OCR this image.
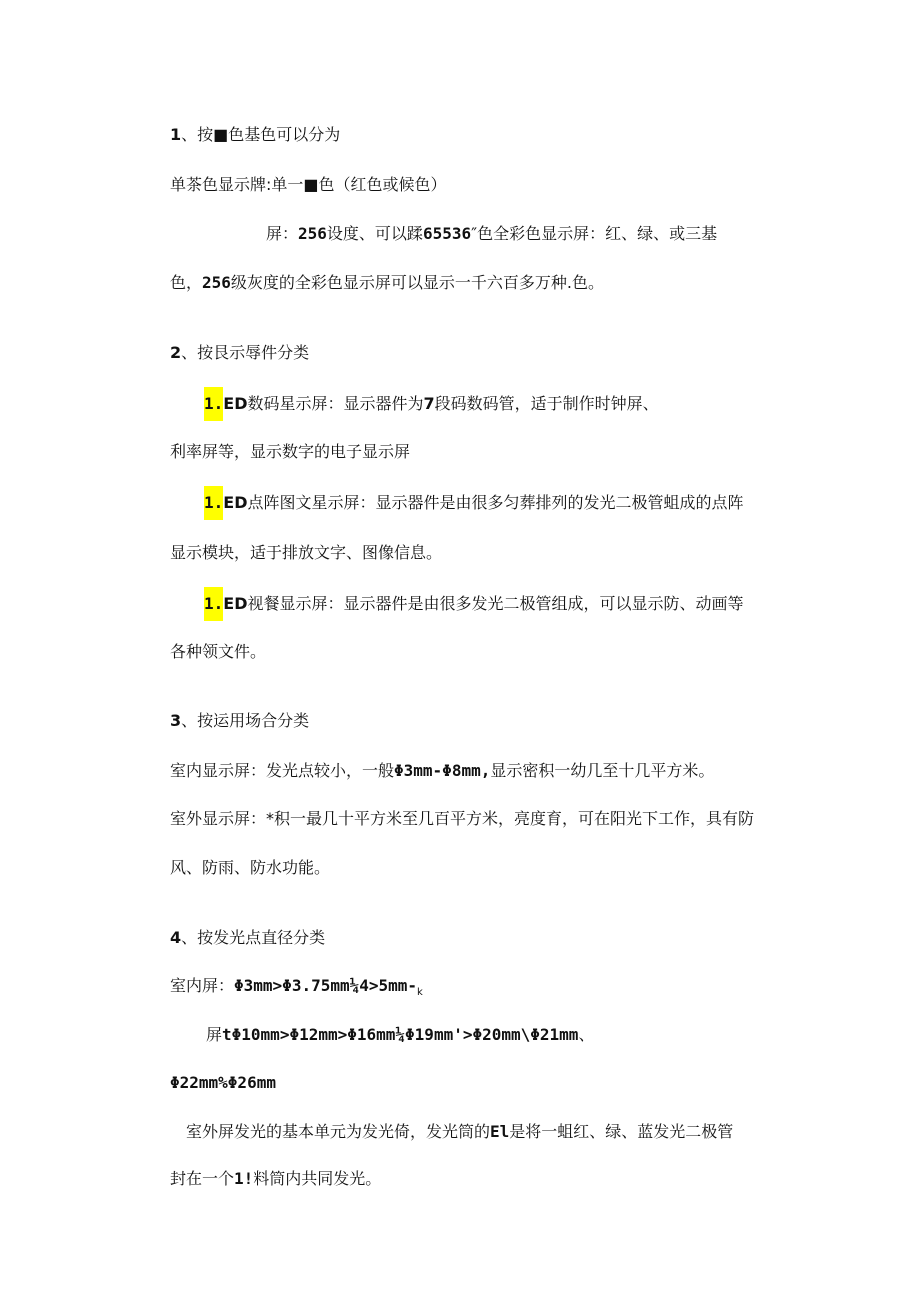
1、按■色基色可以分为
单茶色显示牌:单一■色（红色或候色）
屏：256设度、可以蹂65536″色全彩色显示屏：红、绿、或三基
色，256级灰度的全彩色显示屏可以显示一千六百多万种.色。
2、按艮示辱件分类
1.ED数码星示屏：显示器件为7段码数码管，适于制作时钟屏、
利率屏等，显示数字的电子显示屏
1.ED点阵图文星示屏：显示器件是由很多匀葬排列的发光二极管蛆成的点阵
显示模块，适于排放文字、图像信息。
1.ED视餐显示屏：显示器件是由很多发光二极管组成，可以显示防、动画等
各种领文件。
3、按运用场合分类
室内显示屏：发光点较小，一般Φ3mm-Φ8mm,显示密积一幼几至十几平方米。
室外显示屏：*积一最几十平方米至几百平方米，亮度育，可在阳光下工作，具有防
风、防雨、防水功能。
4、按发光点直径分类
室内屏：$\Phi 3mm>\Phi 3.75mm\frac{1}{4}4>5mm-_k$
屏tΦ10mm>Φ12mm>Φ16mm¼Φ19mm'>Φ20mm\Φ21mm、
Φ22mm%Φ26mm
室外屏发光的基本单元为发光倚，发光筒的El是将一蛆红、绿、蓝发光二极管
封在一个1!料筒内共同发光。
